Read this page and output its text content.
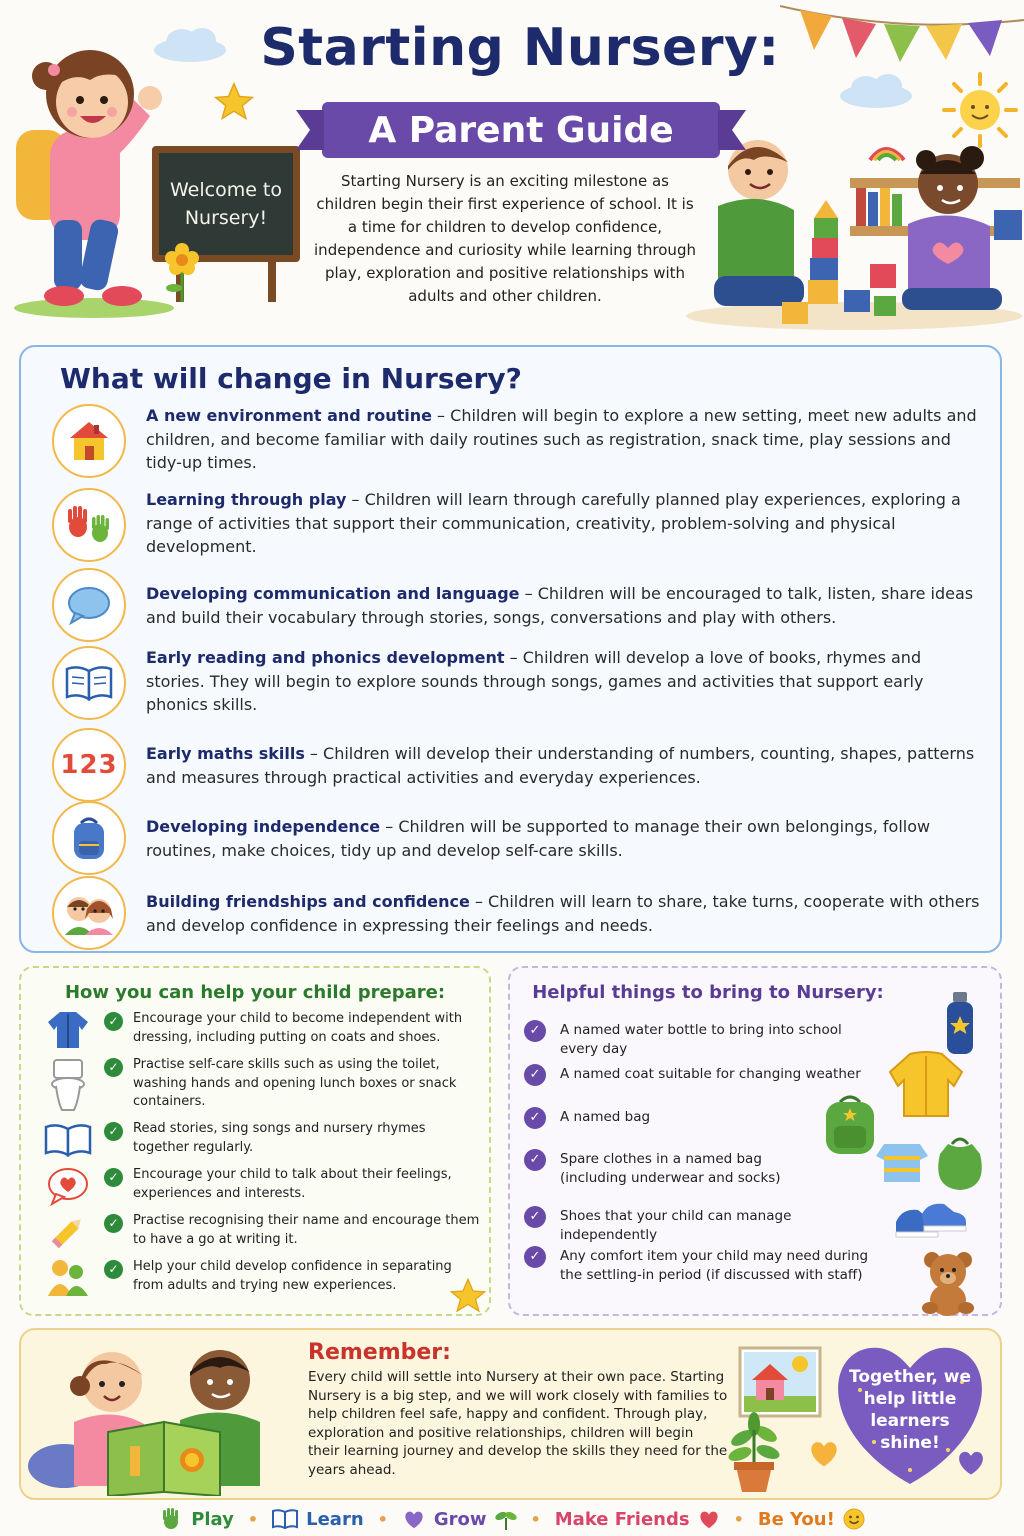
Welcome to Nursery!
Starting Nursery:
A Parent Guide
Starting Nursery is an exciting milestone as children begin their first experience of school. It is a time for children to develop confidence, independence and curiosity while learning through play, exploration and positive relationships with adults and other children.
What will change in Nursery?
A new environment and routine – Children will begin to explore a new setting, meet new adults and children, and become familiar with daily routines such as registration, snack time, play sessions and tidy-up times.
Learning through play – Children will learn through carefully planned play experiences, exploring a range of activities that support their communication, creativity, problem-solving and physical development.
Developing communication and language – Children will be encouraged to talk, listen, share ideas and build their vocabulary through stories, songs, conversations and play with others.
Early reading and phonics development – Children will develop a love of books, rhymes and stories. They will begin to explore sounds through songs, games and activities that support early phonics skills.
123 Early maths skills – Children will develop their understanding of numbers, counting, shapes, patterns and measures through practical activities and everyday experiences.
Developing independence – Children will be supported to manage their own belongings, follow routines, make choices, tidy up and develop self-care skills.
Building friendships and confidence – Children will learn to share, take turns, cooperate with others and develop confidence in expressing their feelings and needs.
How you can help your child prepare:
✓	Encourage your child to become independent with dressing, including putting on coats and shoes.
✓	Practise self-care skills such as using the toilet, washing hands and opening lunch boxes or snack containers.
✓	Read stories, sing songs and nursery rhymes together regularly.
✓	Encourage your child to talk about their feelings, experiences and interests.
✓	Practise recognising their name and encourage them to have a go at writing it.
✓	Help your child develop confidence in separating from adults and trying new experiences.
Helpful things to bring to Nursery:
✓	A named water bottle to bring into school every day
✓	A named coat suitable for changing weather
✓	A named bag
✓	Spare clothes in a named bag (including underwear and socks)
✓	Shoes that your child can manage independently
✓	Any comfort item your child may need during the settling-in period (if discussed with staff)
Remember:
Every child will settle into Nursery at their own pace. Starting Nursery is a big step, and we will work closely with families to help children feel safe, happy and confident. Through play, exploration and positive relationships, children will begin their learning journey and develop the skills they need for the years ahead.
Together, we help little learners shine!
Play •	Learn •	Grow	• Make Friends	• Be You!
